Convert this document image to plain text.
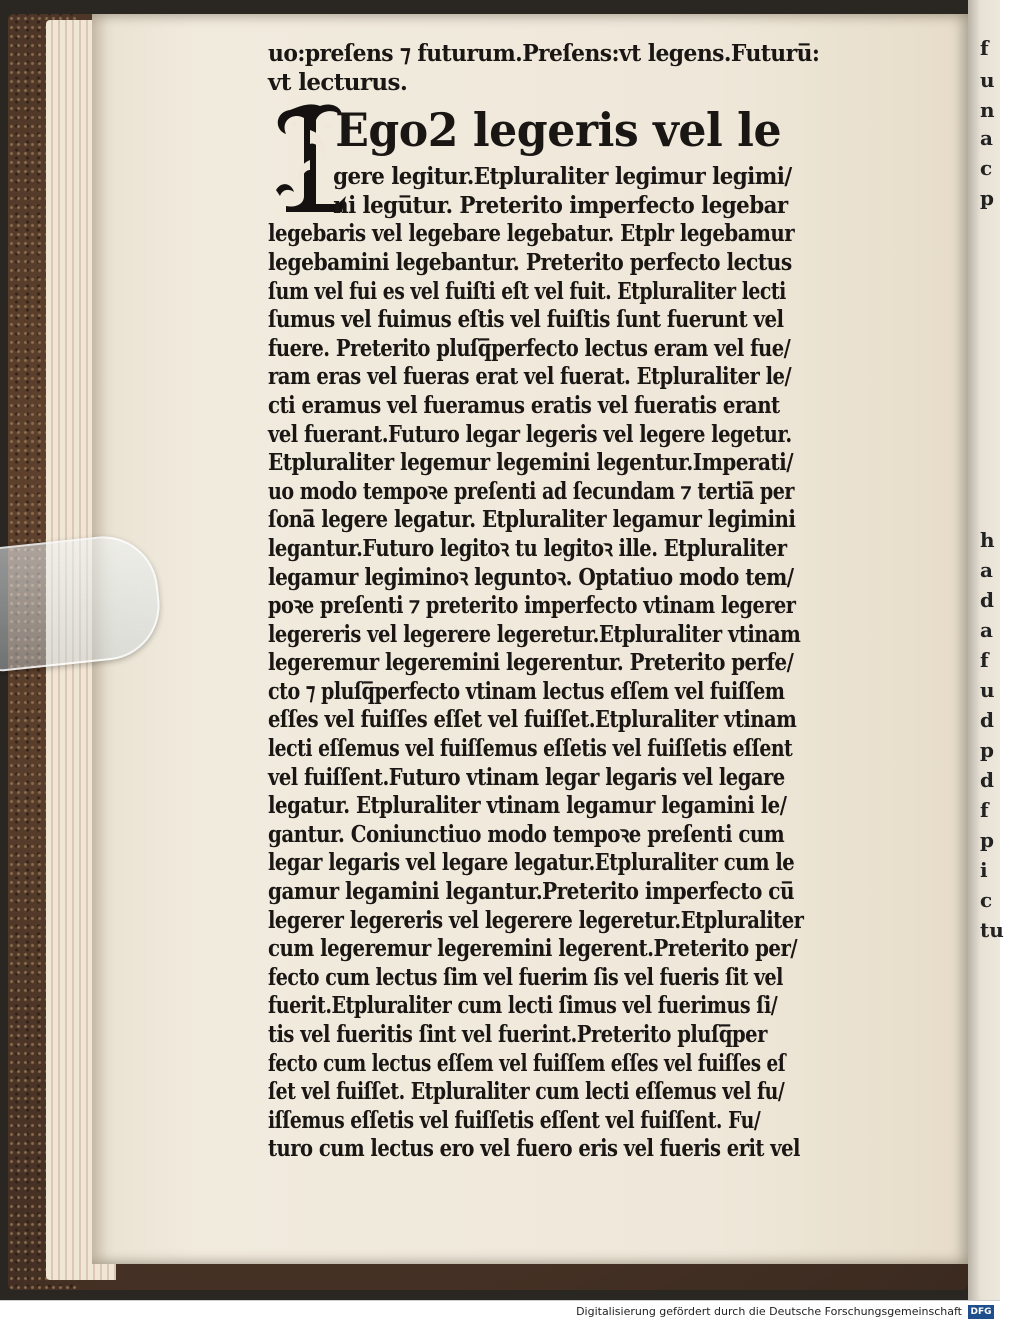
f
u
n
a
c
p
h
a
d
a
f
u
d
p
d
f
p
i
c
tu
uo:preſens ⁊ futurum.Preſens:vt legens.Futuru̅:
vt lecturus.
Ego2 legeris vel le
gere legitur.Etpluraliter legimur legimi/
ni legu̅tur. Preterito imperfecto legebar
legebaris vel legebare legebatur. Etplr legebamur
legebamini legebantur. Preterito perfecto lectus
ſum vel fui es vel fuiſti eſt vel fuit. Etpluraliter lecti
ſumus vel fuimus eſtis vel fuiſtis ſunt fuerunt vel
fuere. Preterito pluſq̅perfecto lectus eram vel fue/
ram eras vel fueras erat vel fuerat. Etpluraliter le/
cti eramus vel fueramus eratis vel fueratis erant
vel fuerant.Futuro legar legeris vel legere legetur.
Etpluraliter legemur legemini legentur.Imperati/
uo modo tempoꝛe preſenti ad ſecundam ⁊ tertia̅ per
ſona̅ legere legatur. Etpluraliter legamur legimini
legantur.Futuro legitoꝛ tu legitoꝛ ille. Etpluraliter
legamur legiminoꝛ leguntoꝛ. Optatiuo modo tem/
poꝛe preſenti ⁊ preterito imperfecto vtinam legerer
legereris vel legerere legeretur.Etpluraliter vtinam
legeremur legeremini legerentur. Preterito perfe/
cto ⁊ pluſq̅perfecto vtinam lectus eſſem vel fuiſſem
eſſes vel fuiſſes eſſet vel fuiſſet.Etpluraliter vtinam
lecti eſſemus vel fuiſſemus eſſetis vel fuiſſetis eſſent
vel fuiſſent.Futuro vtinam legar legaris vel legare
legatur. Etpluraliter vtinam legamur legamini le/
gantur. Coniunctiuo modo tempoꝛe preſenti cum
legar legaris vel legare legatur.Etpluraliter cum le
gamur legamini legantur.Preterito imperfecto cu̅
legerer legereris vel legerere legeretur.Etpluraliter
cum legeremur legeremini legerent.Preterito per/
fecto cum lectus ſim vel fuerim ſis vel fueris ſit vel
fuerit.Etpluraliter cum lecti ſimus vel fuerimus ſi/
tis vel fueritis ſint vel fuerint.Preterito pluſq̅per
fecto cum lectus eſſem vel fuiſſem eſſes vel fuiſſes eſ
ſet vel fuiſſet. Etpluraliter cum lecti eſſemus vel fu/
iſſemus eſſetis vel fuiſſetis eſſent vel fuiſſent. Fu/
turo cum lectus ero vel fuero eris vel fueris erit vel
Digitalisierung gefördert durch die Deutsche Forschungsgemeinschaft DFG
